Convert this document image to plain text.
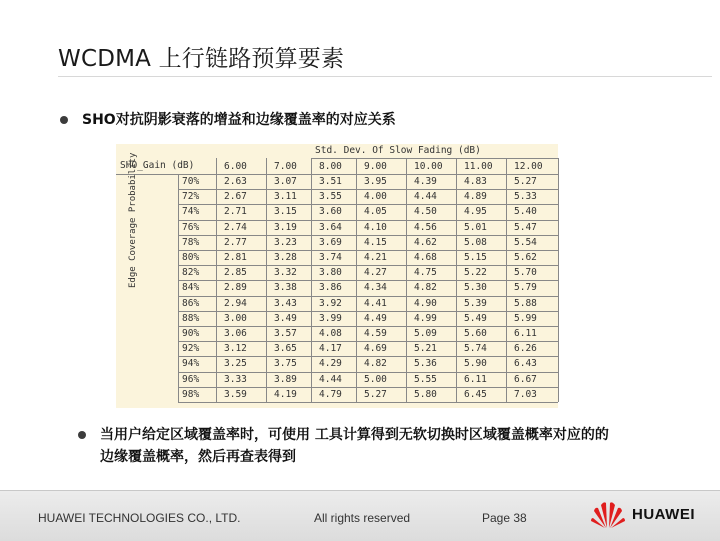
WCDMA 上行链路预算要素
SHO对抗阴影衰落的增益和边缘覆盖率的对应关系
SHO_Gain (dB)
Std. Dev. Of Slow Fading (dB)
6.00	7.00 8.00 9.00	10.00 11.00 12.00
70%	2.63	3.07 3.51 3.95	4.39	4.83	5.27
72%	2.67	3.11 3.55 4.00	4.44	4.89	5.33
74%	2.71	3.15 3.60 4.05	4.50	4.95	5.40
76%	2.74	3.19 3.64 4.10	4.56	5.01	5.47
78%	2.77	3.23 3.69 4.15	4.62	5.08	5.54
80%	2.81	3.28 3.74 4.21	4.68	5.15	5.62
82%	2.85	3.32 3.80 4.27	4.75	5.22	5.70
84%	2.89	3.38 3.86 4.34	4.82	5.30	5.79
86%	2.94	3.43 3.92 4.41	4.90	5.39	5.88
88%	3.00	3.49 3.99 4.49	4.99	5.49	5.99
90%	3.06	3.57 4.08 4.59	5.09	5.60	6.11
92%	3.12	3.65 4.17 4.69	5.21	5.74	6.26
94%	3.25	3.75 4.29 4.82	5.36	5.90	6.43
96%	3.33	3.89 4.44 5.00	5.55	6.11	6.67
98%	3.59	4.19 4.79 5.27	5.80	6.45	7.03
Edge Coverage Probability
当用户给定区域覆盖率时，可使用 工具计算得到无软切换时区域覆盖概率对应的的边缘覆盖概率，然后再查表得到
HUAWEI TECHNOLOGIES CO., LTD.	All rights reserved	Page 38	HUAWEI
